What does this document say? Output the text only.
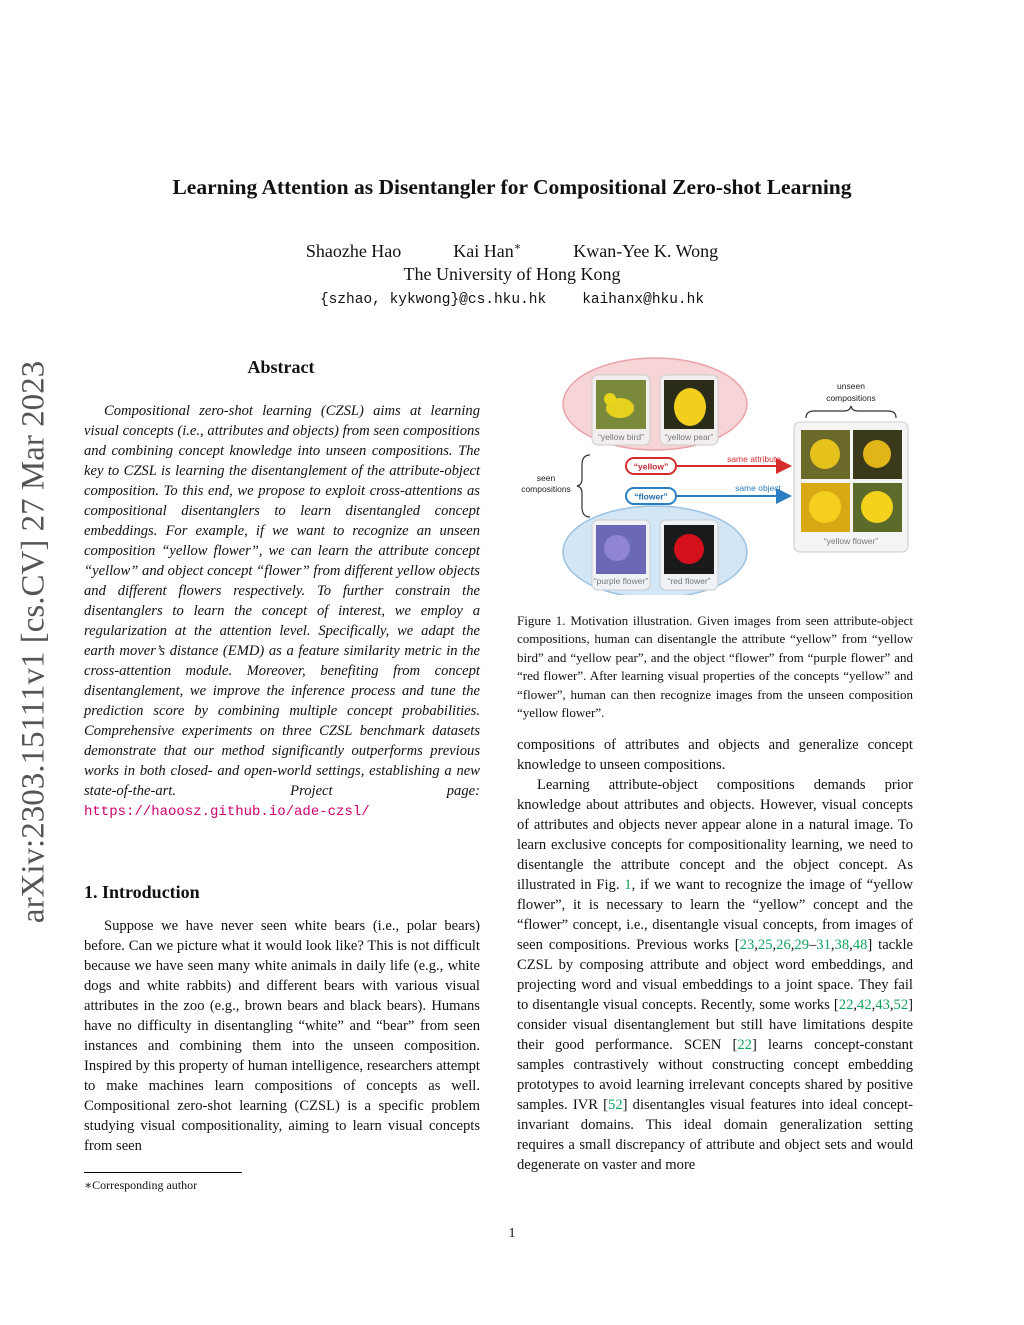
arXiv:2303.15111v1 [cs.CV] 27 Mar 2023
Learning Attention as Disentangler for Compositional Zero-shot Learning
Shaozhe Hao	Kai Han∗	Kwan-Yee K. Wong
The University of Hong Kong
{szhao, kykwong}@cs.hku.hk kaihanx@hku.hk
Abstract
Compositional zero-shot learning (CZSL) aims at learning visual concepts (i.e., attributes and objects) from seen compositions and combining concept knowledge into unseen compositions. The key to CZSL is learning the disentanglement of the attribute-object composition. To this end, we propose to exploit cross-attentions as compositional disentanglers to learn disentangled concept embeddings. For example, if we want to recognize an unseen composition “yellow flower”, we can learn the attribute concept “yellow” and object concept “flower” from different yellow objects and different flowers respectively. To further constrain the disentanglers to learn the concept of interest, we employ a regularization at the attention level. Specifically, we adapt the earth mover’s distance (EMD) as a feature similarity metric in the cross-attention module. Moreover, benefiting from concept disentanglement, we improve the inference process and tune the prediction score by combining multiple concept probabilities. Comprehensive experiments on three CZSL benchmark datasets demonstrate that our method significantly outperforms previous works in both closed- and open-world settings, establishing a new state-of-the-art. Project page: https://haoosz.github.io/ade-czsl/
1. Introduction
Suppose we have never seen white bears (i.e., polar bears) before. Can we picture what it would look like? This is not difficult because we have seen many white animals in daily life (e.g., white dogs and white rabbits) and different bears with various visual attributes in the zoo (e.g., brown bears and black bears). Humans have no difficulty in disentangling “white” and “bear” from seen instances and combining them into the unseen composition. Inspired by this property of human intelligence, researchers attempt to make machines learn compositions of concepts as well. Compositional zero-shot learning (CZSL) is a specific problem studying visual compositionality, aiming to learn visual concepts from seen
∗Corresponding author
“yellow bird” “yellow pear”
“purple flower” “red flower”
seen
compositions
“yellow”
“flower”
same attribute
same object
unseen
compositions
“yellow flower”
Figure 1. Motivation illustration. Given images from seen attribute-object compositions, human can disentangle the attribute “yellow” from “yellow bird” and “yellow pear”, and the object “flower” from “purple flower” and “red flower”. After learning visual properties of the concepts “yellow” and “flower”, human can then recognize images from the unseen composition “yellow flower”.

compositions of attributes and objects and generalize concept knowledge to unseen compositions.

Learning attribute-object compositions demands prior knowledge about attributes and objects. However, visual concepts of attributes and objects never appear alone in a natural image. To learn exclusive concepts for compositionality learning, we need to disentangle the attribute concept and the object concept. As illustrated in Fig. 1, if we want to recognize the image of “yellow flower”, it is necessary to learn the “yellow” concept and the “flower” concept, i.e., disentangle visual concepts, from images of seen compositions. Previous works [23,25,26,29–31,38,48] tackle CZSL by composing attribute and object word embeddings, and projecting word and visual embeddings to a joint space. They fail to disentangle visual concepts. Recently, some works [22,42,43,52] consider visual disentanglement but still have limitations despite their good performance. SCEN [22] learns concept-constant samples contrastively without constructing concept embedding prototypes to avoid learning irrelevant concepts shared by positive samples. IVR [52] disentangles visual features into ideal concept-invariant domains. This ideal domain generalization setting requires a small discrepancy of attribute and object sets and would degenerate on vaster and more

1
